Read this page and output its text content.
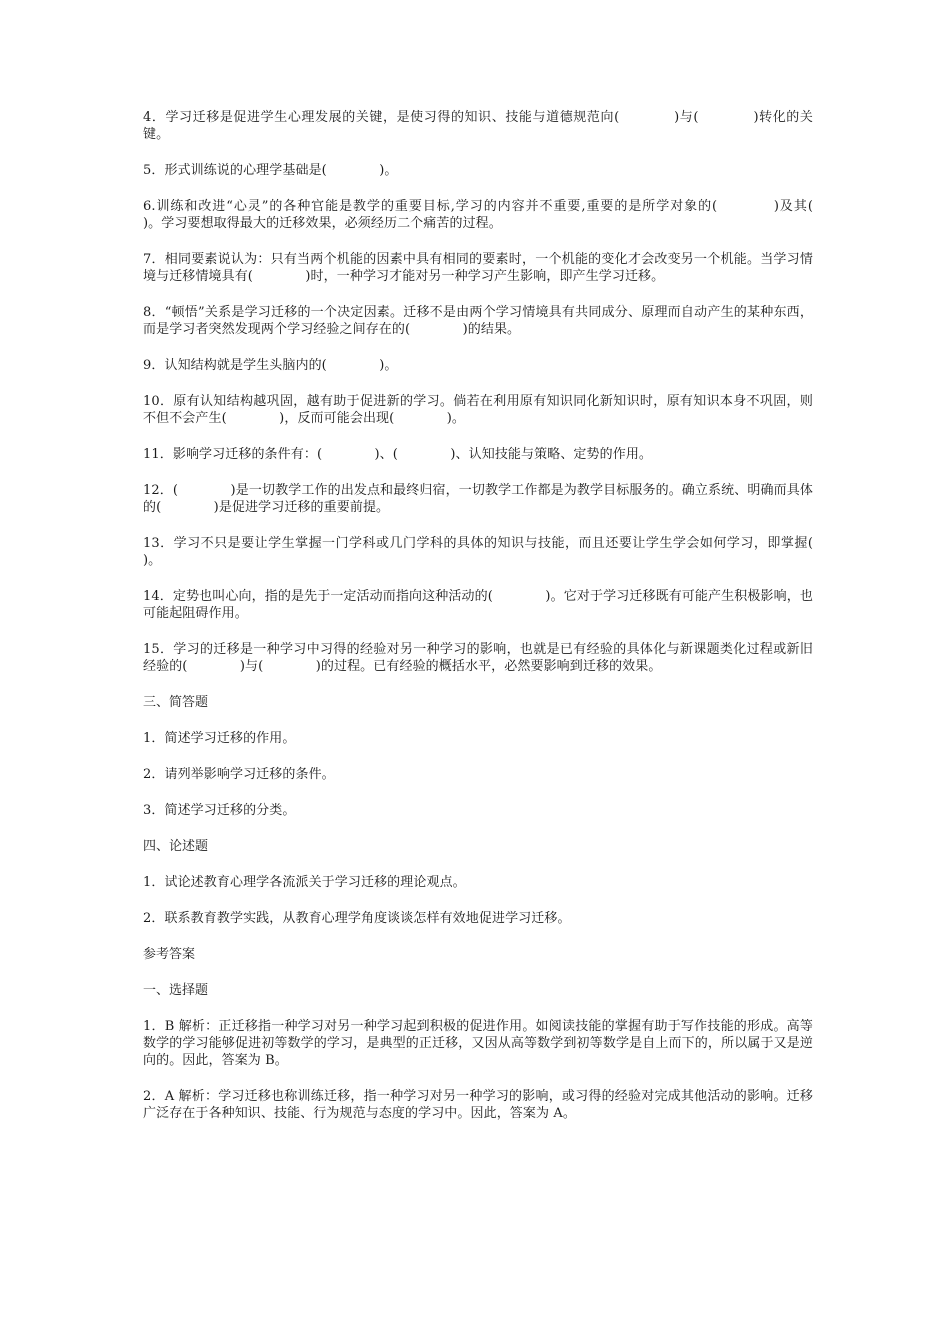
4．学习迁移是促进学生心理发展的关键，是使习得的知识、技能与道德规范向(　　　　)与(　　　　)转化的关键。

5．形式训练说的心理学基础是(　　　　)。

6.训练和改进“心灵”的各种官能是教学的重要目标,学习的内容并不重要,重要的是所学对象的(　　　　)及其(　　　　)。学习要想取得最大的迁移效果，必须经历二个痛苦的过程。

7．相同要素说认为：只有当两个机能的因素中具有相同的要素时，一个机能的变化才会改变另一个机能。当学习情境与迁移情境具有(　　　　)时，一种学习才能对另一种学习产生影响，即产生学习迁移。

8．“顿悟”关系是学习迁移的一个决定因素。迁移不是由两个学习情境具有共同成分、原理而自动产生的某种东西，而是学习者突然发现两个学习经验之间存在的(　　　　)的结果。

9．认知结构就是学生头脑内的(　　　　)。

10．原有认知结构越巩固，越有助于促进新的学习。倘若在利用原有知识同化新知识时，原有知识本身不巩固，则不但不会产生(　　　　)，反而可能会出现(　　　　)。

11．影响学习迁移的条件有：(　　　　)、(　　　　)、认知技能与策略、定势的作用。

12．(　　　　)是一切教学工作的出发点和最终归宿，一切教学工作都是为教学目标服务的。确立系统、明确而具体的(　　　　)是促进学习迁移的重要前提。

13．学习不只是要让学生掌握一门学科或几门学科的具体的知识与技能，而且还要让学生学会如何学习，即掌握(　　　　)。

14．定势也叫心向，指的是先于一定活动而指向这种活动的(　　　　)。它对于学习迁移既有可能产生积极影响，也可能起阻碍作用。

15．学习的迁移是一种学习中习得的经验对另一种学习的影响，也就是已有经验的具体化与新课题类化过程或新旧经验的(　　　　)与(　　　　)的过程。已有经验的概括水平，必然要影响到迁移的效果。

三、简答题

1．简述学习迁移的作用。

2．请列举影响学习迁移的条件。

3．简述学习迁移的分类。

四、论述题

1．试论述教育心理学各流派关于学习迁移的理论观点。

2．联系教育教学实践，从教育心理学角度谈谈怎样有效地促进学习迁移。

参考答案

一、选择题

1．B 解析：正迁移指一种学习对另一种学习起到积极的促进作用。如阅读技能的掌握有助于写作技能的形成。高等数学的学习能够促进初等数学的学习，是典型的正迁移，又因从高等数学到初等数学是自上而下的，所以属于又是逆向的。因此，答案为 B。

2．A 解析：学习迁移也称训练迁移，指一种学习对另一种学习的影响，或习得的经验对完成其他活动的影响。迁移广泛存在于各种知识、技能、行为规范与态度的学习中。因此，答案为 A。
